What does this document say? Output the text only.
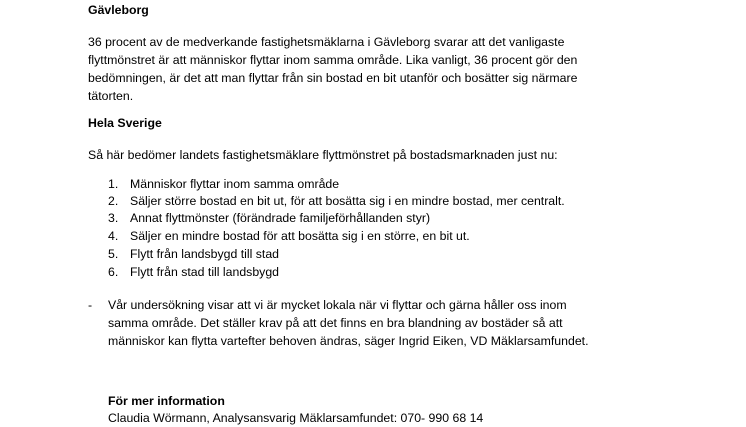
Gävleborg
36 procent av de medverkande fastighetsmäklarna i Gävleborg svarar att det vanligaste
flyttmönstret är att människor flyttar inom samma område. Lika vanligt, 36 procent gör den
bedömningen, är det att man flyttar från sin bostad en bit utanför och bosätter sig närmare
tätorten.
Hela Sverige
Så här bedömer landets fastighetsmäklare flyttmönstret på bostadsmarknaden just nu:
1. Människor flyttar inom samma område
2. Säljer större bostad en bit ut, för att bosätta sig i en mindre bostad, mer centralt.
3. Annat flyttmönster (förändrade familjeförhållanden styr)
4. Säljer en mindre bostad för att bosätta sig i en större, en bit ut.
5. Flytt från landsbygd till stad
6. Flytt från stad till landsbygd
- Vår undersökning visar att vi är mycket lokala när vi flyttar och gärna håller oss inom
samma område. Det ställer krav på att det finns en bra blandning av bostäder så att
människor kan flytta vartefter behoven ändras, säger Ingrid Eiken, VD Mäklarsamfundet.
För mer information
Claudia Wörmann, Analysansvarig Mäklarsamfundet: 070- 990 68 14
